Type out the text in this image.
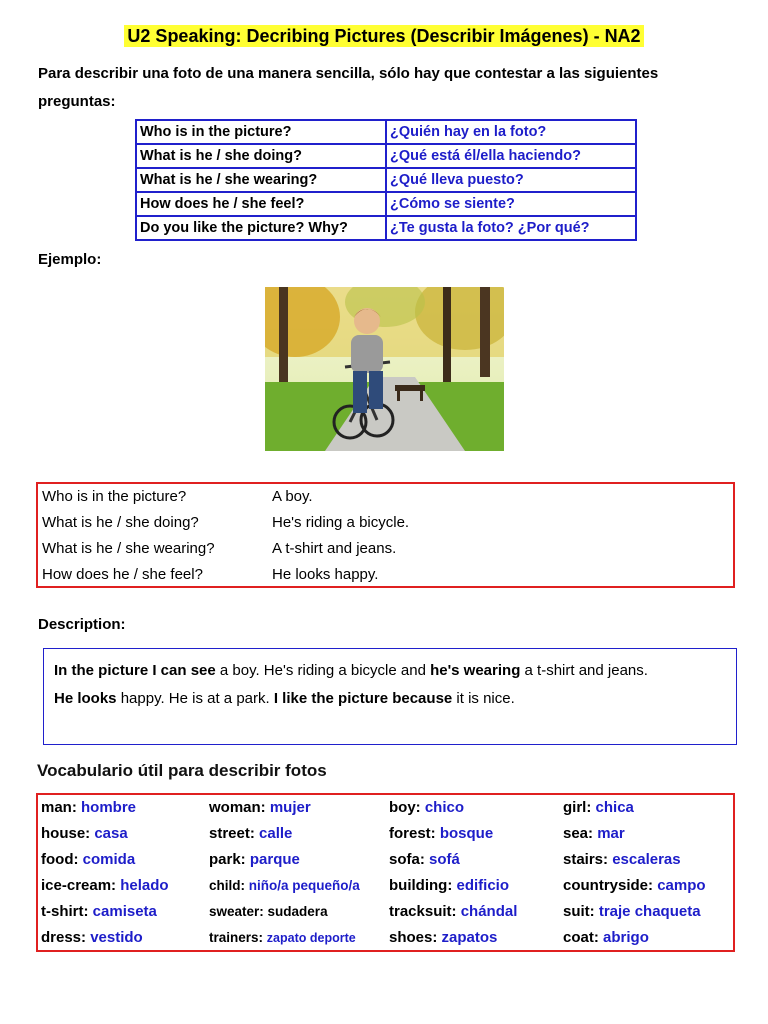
U2 Speaking: Decribing Pictures (Describir Imágenes) - NA2
Para describir una foto de una manera sencilla, sólo hay que contestar a las siguientes preguntas:
Who is in the picture?	¿Quién hay en la foto?
What is he / she doing?	¿Qué está él/ella haciendo?
What is he / she wearing?	¿Qué lleva puesto?
How does he / she feel?	¿Cómo se siente?
Do you like the picture? Why?	¿Te gusta la foto? ¿Por qué?
Ejemplo:
Who is in the picture?	A boy.
What is he / she doing?	He's riding a bicycle.
What is he / she wearing?	A t-shirt and jeans.
How does he / she feel?	He looks happy.
Description:

In the picture I can see a boy. He's riding a bicycle and he's wearing a t-shirt and jeans.
He looks happy. He is at a park. I like the picture because it is nice.

Vocabulario útil para describir fotos
man: hombre	woman: mujer	boy: chico	girl: chica
house: casa	street: calle	forest: bosque	sea: mar
food: comida	park: parque	sofa: sofá	stairs: escaleras
ice-cream: helado	child: niño/a pequeño/a building: edificio	countryside: campo
t-shirt: camiseta	sweater: sudadera	tracksuit: chándal	suit: traje chaqueta
dress: vestido	trainers: zapato deporte shoes: zapatos	coat: abrigo
